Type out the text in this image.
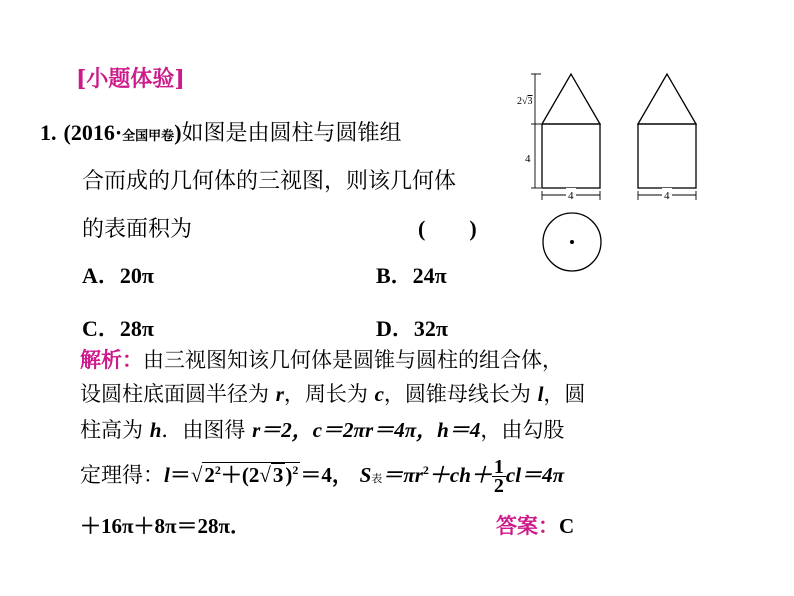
[小题体验]
1. (2016·全国甲卷)如图是由圆柱与圆锥组
合而成的几何体的三视图，则该几何体
的表面积为	(　　)
A．20π	B．24π
C．28π	D．32π
解析：由三视图知该几何体是圆锥与圆柱的组合体，
设圆柱底面圆半径为 r，周长为 c，圆锥母线长为 l，圆
柱高为 h．由图得 r＝2，c＝2πr＝4π，h＝4，由勾股
定理得：$l=√2^2+(2√3)^2=4$， S表$=\pi r^2+ch+ \frac{1}{2} cl=4\pi$
＋16π＋8π＝28π．	答案：C
2√3
4
4	4
